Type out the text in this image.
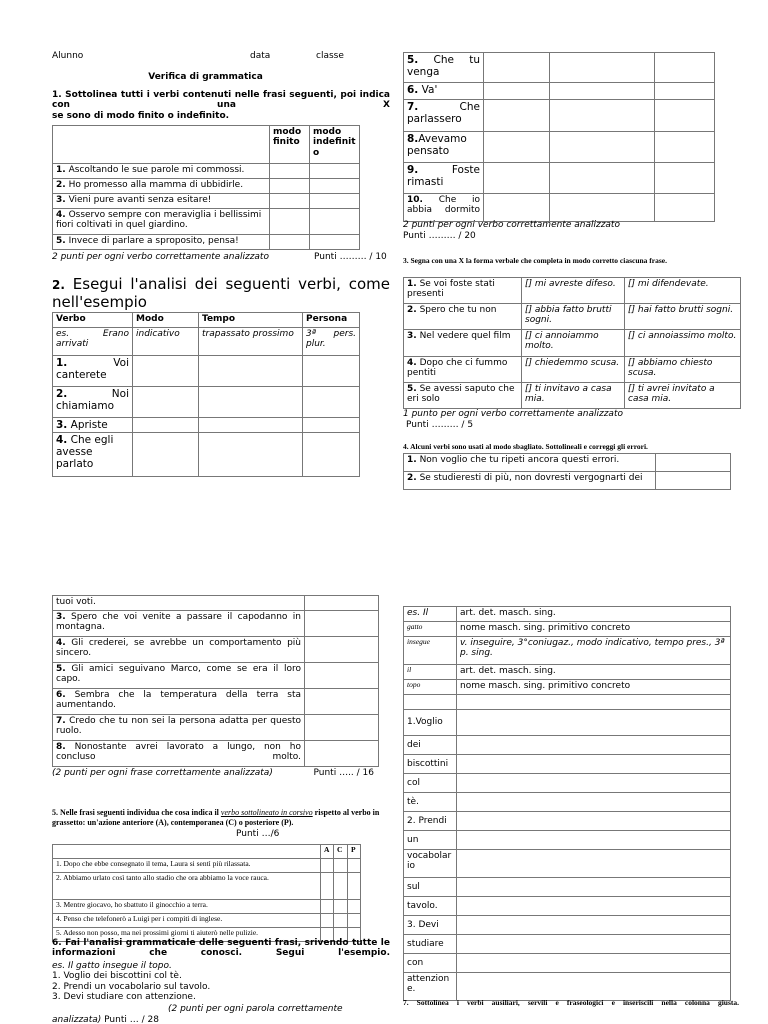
Alunno	data	classe
Verifica di grammatica
1. Sottolinea tutti i verbi contenuti nelle frasi seguenti, poi indica con una X
se sono di modo finito o indefinito.
	modo finito	modo indefinit o
1. Ascoltando le sue parole mi commossi.		
2. Ho promesso alla mamma di ubbidirle.		
3. Vieni pure avanti senza esitare!		
4. Osservo sempre con meraviglia i bellissimi fiori coltivati in quel giardino.		
5. Invece di parlare a sproposito, pensa!		
2 punti per ogni verbo correttamente analizzato	Punti ……… / 10
2. Esegui l'analisi dei seguenti verbi, come nell'esempio
Verbo	Modo	Tempo	Persona
es. Erano arrivati	indicativo	trapassato prossimo	3ª pers. plur.
1. Voi canterete			
2. Noi chiamiamo			
3. Apriste			
4. Che egli avesse parlato			
5. Che tu venga			
6. Va'			
7. Che parlassero			
8.Avevamo pensato			
9. Foste rimasti			
10. Che io abbia dormito			
2 punti per ogni verbo correttamente analizzato
Punti ……… / 20
3. Segna con una X la forma verbale che completa in modo corretto ciascuna frase.
1. Se voi foste stati presenti	[] mi avreste difeso.	[] mi difendevate.
2. Spero che tu non	[] abbia fatto brutti sogni.	[] hai fatto brutti sogni.
3. Nel vedere quel film	[] ci annoiammo molto.	[] ci annoiassimo molto.
4. Dopo che ci fummo pentiti	[] chiedemmo scusa.	[] abbiamo chiesto scusa.
5. Se avessi saputo che eri solo	[] ti invitavo a casa mia.	[] ti avrei invitato a casa mia.
1 punto per ogni verbo correttamente analizzato
Punti ……… / 5
4. Alcuni verbi sono usati al modo sbagliato. Sottolineali e correggi gli errori.
1. Non voglio che tu ripeti ancora questi errori.	
2. Se studieresti di più, non dovresti vergognarti dei	
tuoi voti.	
3. Spero che voi venite a passare il capodanno in montagna.	
4. Gli crederei, se avrebbe un comportamento più sincero.	
5. Gli amici seguivano Marco, come se era il loro capo.	
6. Sembra che la temperatura della terra sta aumentando.	
7. Credo che tu non sei la persona adatta per questo ruolo.	
8. Nonostante avrei lavorato a lungo, non ho concluso molto.	
(2 punti per ogni frase correttamente analizzata)	Punti ….. / 16
5. Nelle frasi seguenti individua che cosa indica il verbo sottolineato in corsivo rispetto al verbo in grassetto: un'azione anteriore (A), contemporanea (C) o posteriore (P).
Punti …/6
	A	C	P
1. Dopo che ebbe consegnato il tema, Laura si sentì più rilassata.			
2. Abbiamo urlato così tanto allo stadio che ora abbiamo la voce rauca.			
3. Mentre giocavo, ho sbattuto il ginocchio a terra.			
4. Penso che telefonerò a Luigi per i compiti di inglese.			
5. Adesso non posso, ma nei prossimi giorni ti aiuterò nelle pulizie.			
6. Fai l'analisi grammaticale delle seguenti frasi, srivendo tutte le informazioni che conosci. Segui l'esempio.
es. Il gatto insegue il topo.
1. Voglio dei biscottini col tè.
2. Prendi un vocabolario sul tavolo.
3. Devi studiare con attenzione.
(2 punti per ogni parola correttamente
analizzata) Punti … / 28
es. Il	art. det. masch. sing.
gatto	nome masch. sing. primitivo concreto
insegue	v. inseguire, 3°coniugaz., modo indicativo, tempo pres., 3ª p. sing.
il	art. det. masch. sing.
topo	nome masch. sing. primitivo concreto

1.Voglio	
dei	
biscottini	
col	
tè.	
2. Prendi	
un	
vocabolar io	
sul	
tavolo.	
3. Devi	
studiare	
con	
attenzion e.	
7. Sottolinea i verbi ausiliari, servili e fraseologici e inseriscili nella colonna giusta.
